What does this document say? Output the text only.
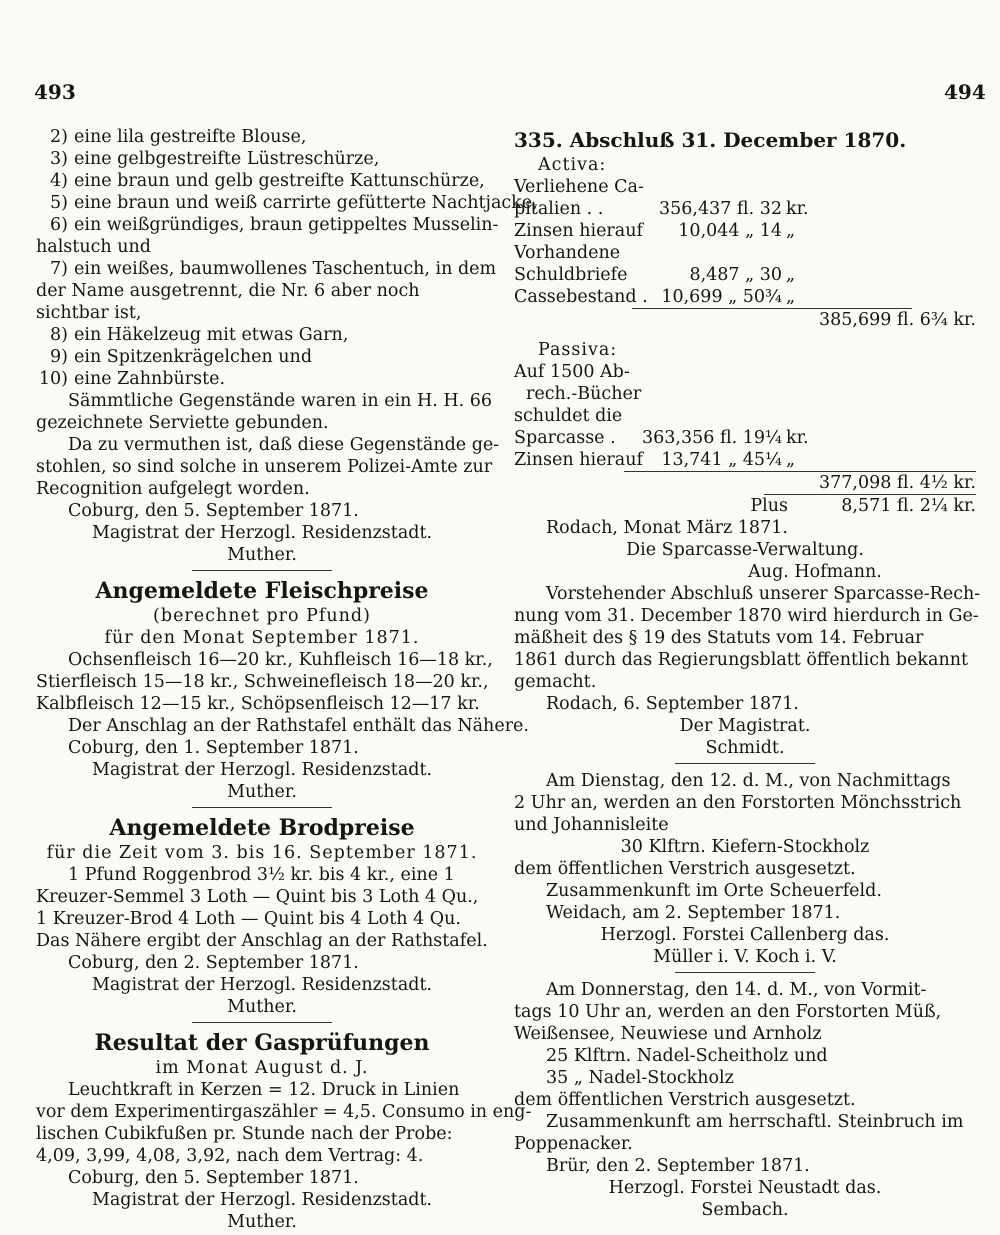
493	494
2) eine lila gestreifte Blouse,
3) eine gelbgestreifte Lüstreschürze,
4) eine braun und gelb gestreifte Kattunschürze,
5) eine braun und weiß carrirte gefütterte Nachtjacke,
6) ein weißgründiges, braun getippeltes Musselin-
halstuch und
7) ein weißes, baumwollenes Taschentuch, in dem
der Name ausgetrennt, die Nr. 6 aber noch
sichtbar ist,
8) ein Häkelzeug mit etwas Garn,
9) ein Spitzenkrägelchen und
10) eine Zahnbürste.
Sämmtliche Gegenstände waren in ein H. H. 66
gezeichnete Serviette gebunden.
Da zu vermuthen ist, daß diese Gegenstände ge-
stohlen, so sind solche in unserem Polizei-Amte zur
Recognition aufgelegt worden.
Coburg, den 5. September 1871.
Magistrat der Herzogl. Residenzstadt.
Muther.
Angemeldete Fleischpreise
(berechnet pro Pfund)
für den Monat September 1871.
Ochsenfleisch 16—20 kr., Kuhfleisch 16—18 kr.,
Stierfleisch 15—18 kr., Schweinefleisch 18—20 kr.,
Kalbfleisch 12—15 kr., Schöpsenfleisch 12—17 kr.
Der Anschlag an der Rathstafel enthält das Nähere.
Coburg, den 1. September 1871.
Magistrat der Herzogl. Residenzstadt.
Muther.
Angemeldete Brodpreise
für die Zeit vom 3. bis 16. September 1871.
1 Pfund Roggenbrod 3½ kr. bis 4 kr., eine 1
Kreuzer-Semmel 3 Loth — Quint bis 3 Loth 4 Qu.,
1 Kreuzer-Brod 4 Loth — Quint bis 4 Loth 4 Qu.
Das Nähere ergibt der Anschlag an der Rathstafel.
Coburg, den 2. September 1871.
Magistrat der Herzogl. Residenzstadt.
Muther.
Resultat der Gasprüfungen
im Monat August d. J.
Leuchtkraft in Kerzen = 12. Druck in Linien
vor dem Experimentirgaszähler = 4,5. Consumo in eng-
lischen Cubikfußen pr. Stunde nach der Probe:
4,09, 3,99, 4,08, 3,92, nach dem Vertrag: 4.
Coburg, den 5. September 1871.
Magistrat der Herzogl. Residenzstadt.
Muther.
335. Abschluß 31. December 1870.
Activa:
Verliehene Ca-
pitalien . .	356,437 fl. 32 kr.
Zinsen hierauf	10,044 „ 14 „
Vorhandene
Schuldbriefe	8,487 „ 30 „
Cassebestand . 10,699 „ 50¾ „
385,699 fl. 6¾ kr.
Passiva:
Auf 1500 Ab-
rech.-Bücher
schuldet die
Sparcasse .	363,356 fl. 19¼ kr.
Zinsen hierauf	13,741 „ 45¼ „
377,098 fl. 4½ kr.
Plus	8,571 fl. 2¼ kr.
Rodach, Monat März 1871.
Die Sparcasse-Verwaltung.
Aug. Hofmann.
Vorstehender Abschluß unserer Sparcasse-Rech-
nung vom 31. December 1870 wird hierdurch in Ge-
mäßheit des § 19 des Statuts vom 14. Februar
1861 durch das Regierungsblatt öffentlich bekannt
gemacht.
Rodach, 6. September 1871.
Der Magistrat.
Schmidt.
Am Dienstag, den 12. d. M., von Nachmittags
2 Uhr an, werden an den Forstorten Mönchsstrich
und Johannisleite
30 Klftrn. Kiefern-Stockholz
dem öffentlichen Verstrich ausgesetzt.
Zusammenkunft im Orte Scheuerfeld.
Weidach, am 2. September 1871.
Herzogl. Forstei Callenberg das.
Müller i. V. Koch i. V.
Am Donnerstag, den 14. d. M., von Vormit-
tags 10 Uhr an, werden an den Forstorten Müß,
Weißensee, Neuwiese und Arnholz
25 Klftrn. Nadel-Scheitholz und
35 „ Nadel-Stockholz
dem öffentlichen Verstrich ausgesetzt.
Zusammenkunft am herrschaftl. Steinbruch im
Poppenacker.
Brür, den 2. September 1871.
Herzogl. Forstei Neustadt das.
Sembach.
